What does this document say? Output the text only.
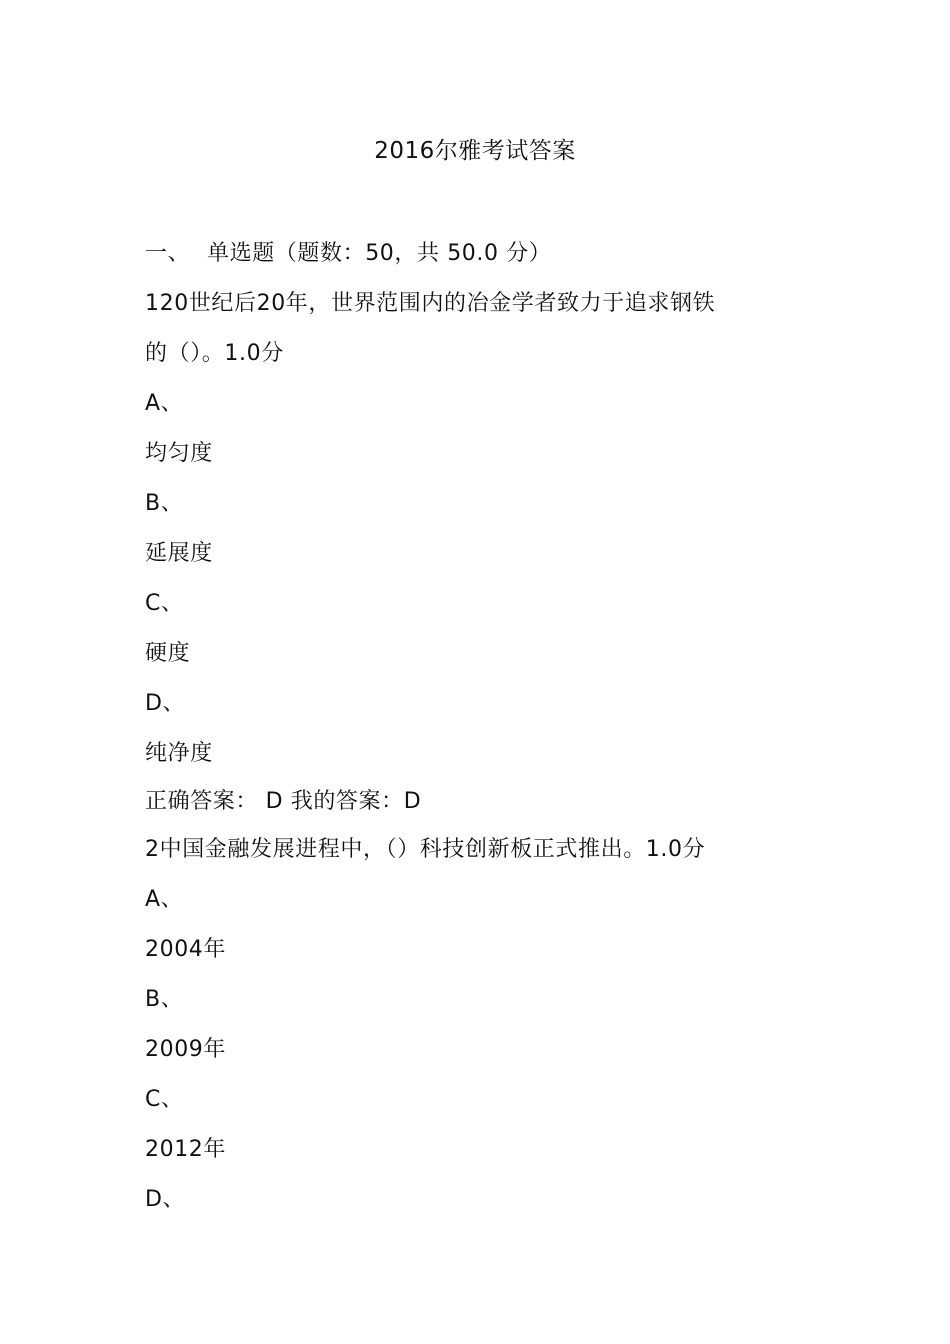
2016尔雅考试答案
一、 单选题（题数：50，共 50.0 分）
120世纪后20年，世界范围内的冶金学者致力于追求钢铁
的（）。1.0分
A、
均匀度
B、
延展度
C、
硬度
D、
纯净度
正确答案： D 我的答案：D
2中国金融发展进程中，（）科技创新板正式推出。1.0分
A、
2004年
B、
2009年
C、
2012年
D、
